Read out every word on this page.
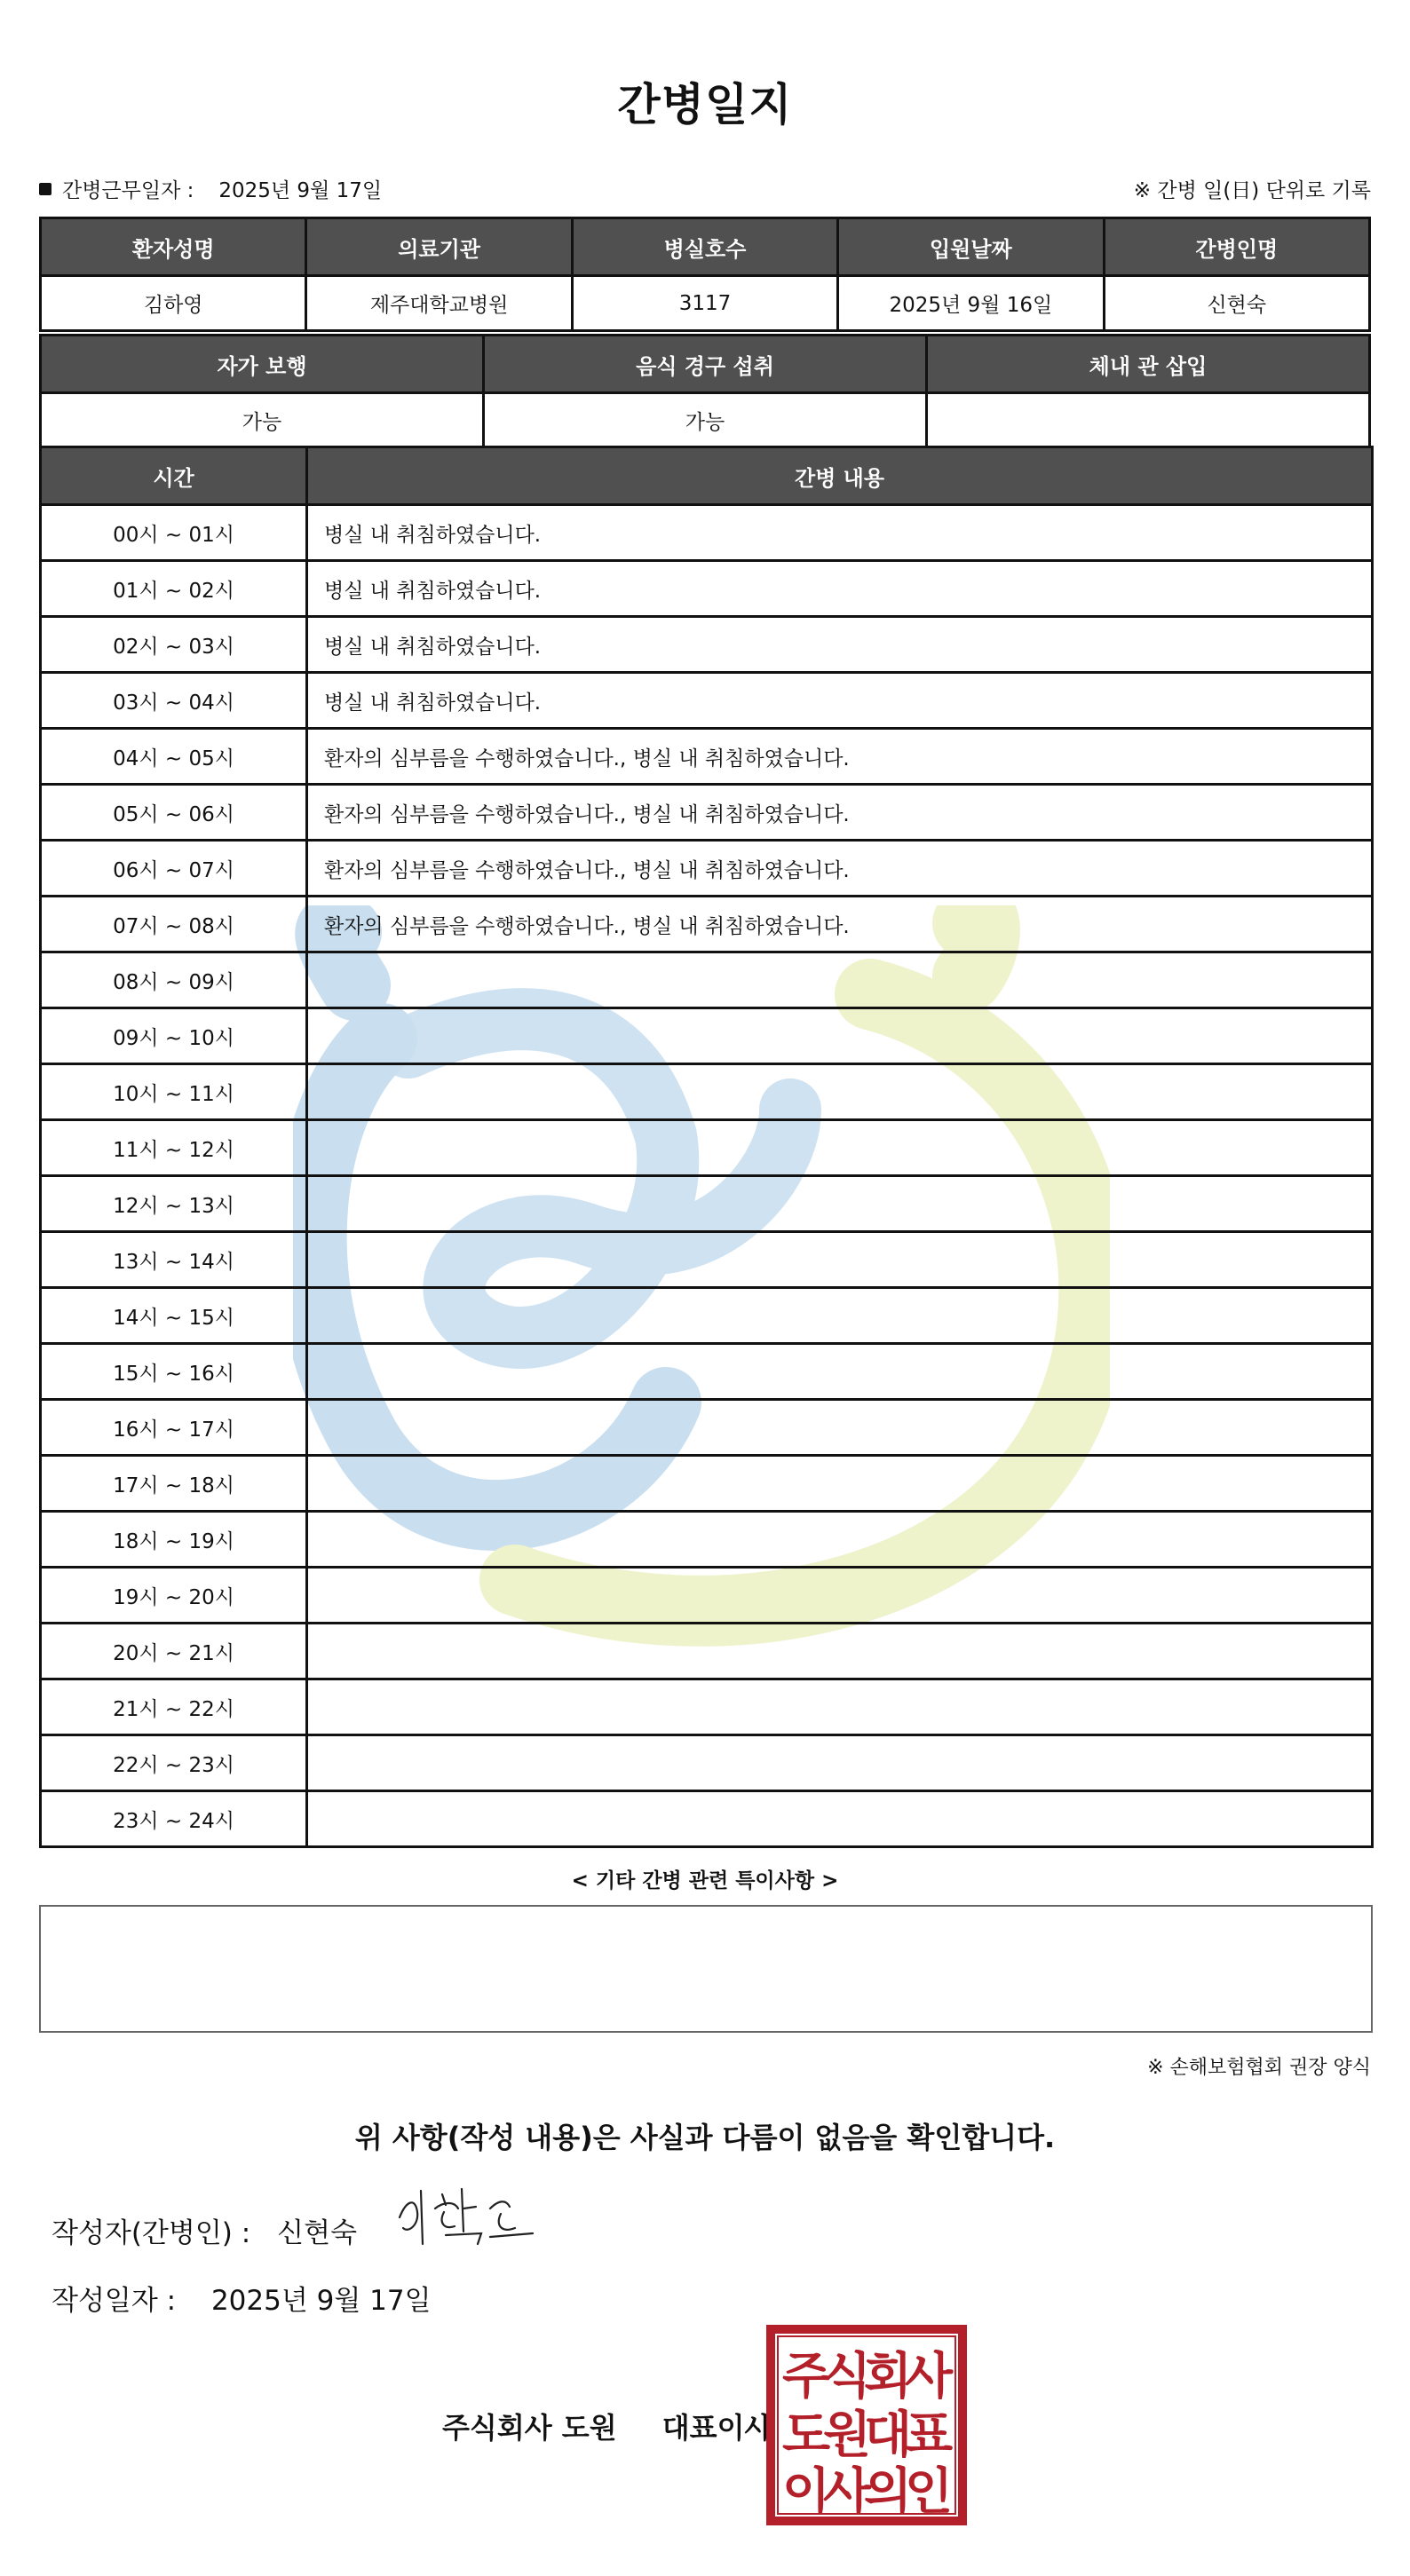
간병일지
간병근무일자 : 2025년 9월 17일	※ 간병 일(日) 단위로 기록
환자성명	의료기관	병실호수	입원날짜	간병인명
김하영	제주대학교병원	3117	2025년 9월 16일	신현숙
자가 보행	음식 경구 섭취	체내 관 삽입
가능	가능	
시간	간병 내용
00시 ~ 01시	병실 내 취침하였습니다.
01시 ~ 02시	병실 내 취침하였습니다.
02시 ~ 03시	병실 내 취침하였습니다.
03시 ~ 04시	병실 내 취침하였습니다.
04시 ~ 05시	환자의 심부름을 수행하였습니다., 병실 내 취침하였습니다.
05시 ~ 06시	환자의 심부름을 수행하였습니다., 병실 내 취침하였습니다.
06시 ~ 07시	환자의 심부름을 수행하였습니다., 병실 내 취침하였습니다.
07시 ~ 08시	환자의 심부름을 수행하였습니다., 병실 내 취침하였습니다.
08시 ~ 09시	
09시 ~ 10시	
10시 ~ 11시	
11시 ~ 12시	
12시 ~ 13시	
13시 ~ 14시	
14시 ~ 15시	
15시 ~ 16시	
16시 ~ 17시	
17시 ~ 18시	
18시 ~ 19시	
19시 ~ 20시	
20시 ~ 21시	
21시 ~ 22시	
22시 ~ 23시	
23시 ~ 24시	
< 기타 간병 관련 특이사항 >
※ 손해보험협회 권장 양식
위 사항(작성 내용)은 사실과 다름이 없음을 확인합니다.
작성자(간병인) : 신현숙
작성일자 : 2025년 9월 17일
주식회사 도원 대표이사
주
식
회
사
도
원
대
표
이
사
의
인
